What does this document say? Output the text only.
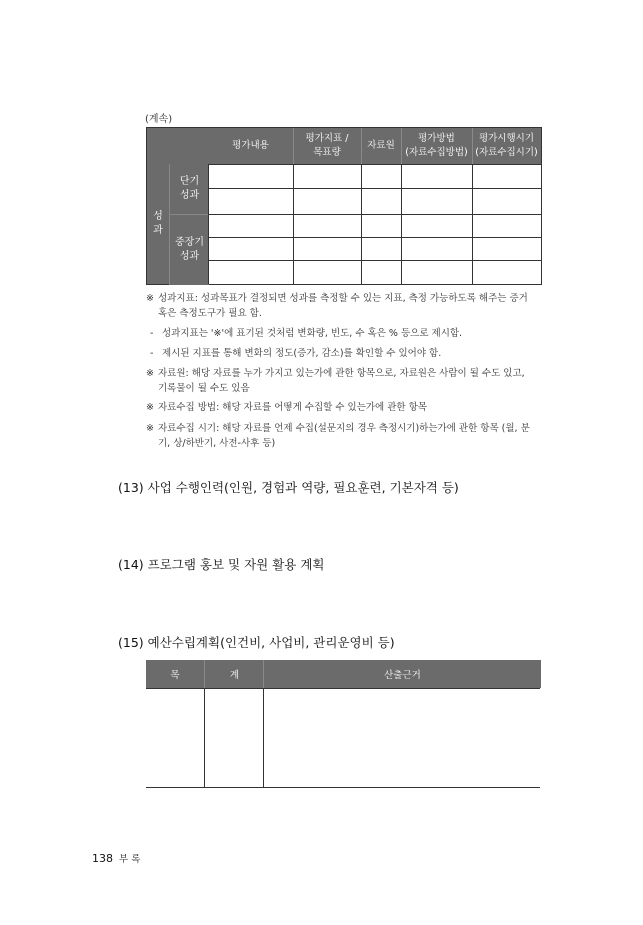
(계속)
평가내용
평가지표 /
목표량
자료원
평가방법
(자료수집방법)
평가시행시기
(자료수집시기)
성
과
단기
성과
중장기
성과
※ 성과지표: 성과목표가 결정되면 성과를 측정할 수 있는 지표, 측정 가능하도록 해주는 증거
혹은 측정도구가 필요 함.
- 성과지표는 '※'에 표기된 것처럼 변화량, 빈도, 수 혹은 % 등으로 제시함.
- 제시된 지표를 통해 변화의 정도(증가, 감소)를 확인할 수 있어야 함.
※ 자료원: 해당 자료를 누가 가지고 있는가에 관한 항목으로, 자료원은 사람이 될 수도 있고,
기록물이 될 수도 있음
※ 자료수집 방법: 해당 자료를 어떻게 수집할 수 있는가에 관한 항목
※ 자료수집 시기: 해당 자료를 언제 수집(설문지의 경우 측정시기)하는가에 관한 항목 (월, 분
기, 상/하반기, 사전-사후 등)
(13) 사업 수행인력(인원, 경험과 역량, 필요훈련, 기본자격 등)
(14) 프로그램 홍보 및 자원 활용 계획
(15) 예산수립계획(인건비, 사업비, 관리운영비 등)
목	계	산출근거
138 부 록
